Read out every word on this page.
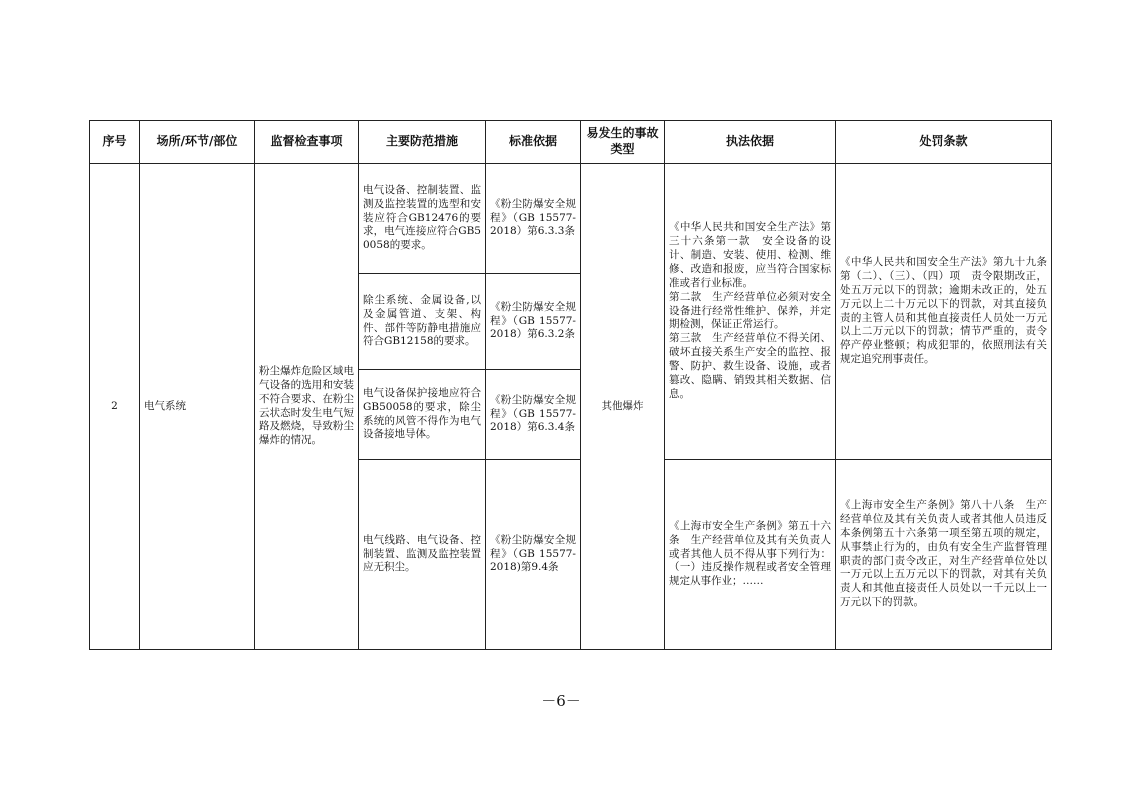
序号	场所/环节/部位	监督检查事项	主要防范措施	标准依据	易发生的事故类型	执法依据	处罚条款
2	电气系统	粉尘爆炸危险区域电气设备的选用和安装不符合要求、在粉尘云状态时发生电气短路及燃烧，导致粉尘爆炸的情况。	电气设备、控制装置、监测及监控装置的选型和安装应符合GB12476的要求，电气连接应符合GB50058的要求。	《粉尘防爆安全规程》（GB 15577-2018）第6.3.3条	其他爆炸	《中华人民共和国安全生产法》第三十六条第一款　安全设备的设计、制造、安装、使用、检测、维修、改造和报废，应当符合国家标准或者行业标准。
第二款　生产经营单位必须对安全设备进行经常性维护、保养，并定期检测，保证正常运行。
第三款　生产经营单位不得关闭、破坏直接关系生产安全的监控、报警、防护、救生设备、设施，或者篡改、隐瞒、销毁其相关数据、信息。	《中华人民共和国安全生产法》第九十九条第（二）、（三）、（四）项　责令限期改正，处五万元以下的罚款；逾期未改正的，处五万元以上二十万元以下的罚款，对其直接负责的主管人员和其他直接责任人员处一万元以上二万元以下的罚款；情节严重的，责令停产停业整顿；构成犯罪的，依照刑法有关规定追究刑事责任。
			除尘系统、金属设备,以及金属管道、支架、构件、部件等防静电措施应符合GB12158的要求。	《粉尘防爆安全规程》（GB 15577-2018）第6.3.2条			
			电气设备保护接地应符合GB50058的要求，除尘系统的风管不得作为电气设备接地导体。	《粉尘防爆安全规程》（GB 15577-2018）第6.3.4条			
			电气线路、电气设备、控制装置、监测及监控装置应无积尘。	《粉尘防爆安全规程》（GB 15577-2018)第9.4条		《上海市安全生产条例》第五十六条　生产经营单位及其有关负责人或者其他人员不得从事下列行为：（一）违反操作规程或者安全管理规定从事作业；……	《上海市安全生产条例》第八十八条　生产经营单位及其有关负责人或者其他人员违反本条例第五十六条第一项至第五项的规定，从事禁止行为的，由负有安全生产监督管理职责的部门责令改正，对生产经营单位处以一万元以上五万元以下的罚款，对其有关负责人和其他直接责任人员处以一千元以上一万元以下的罚款。
－6－
